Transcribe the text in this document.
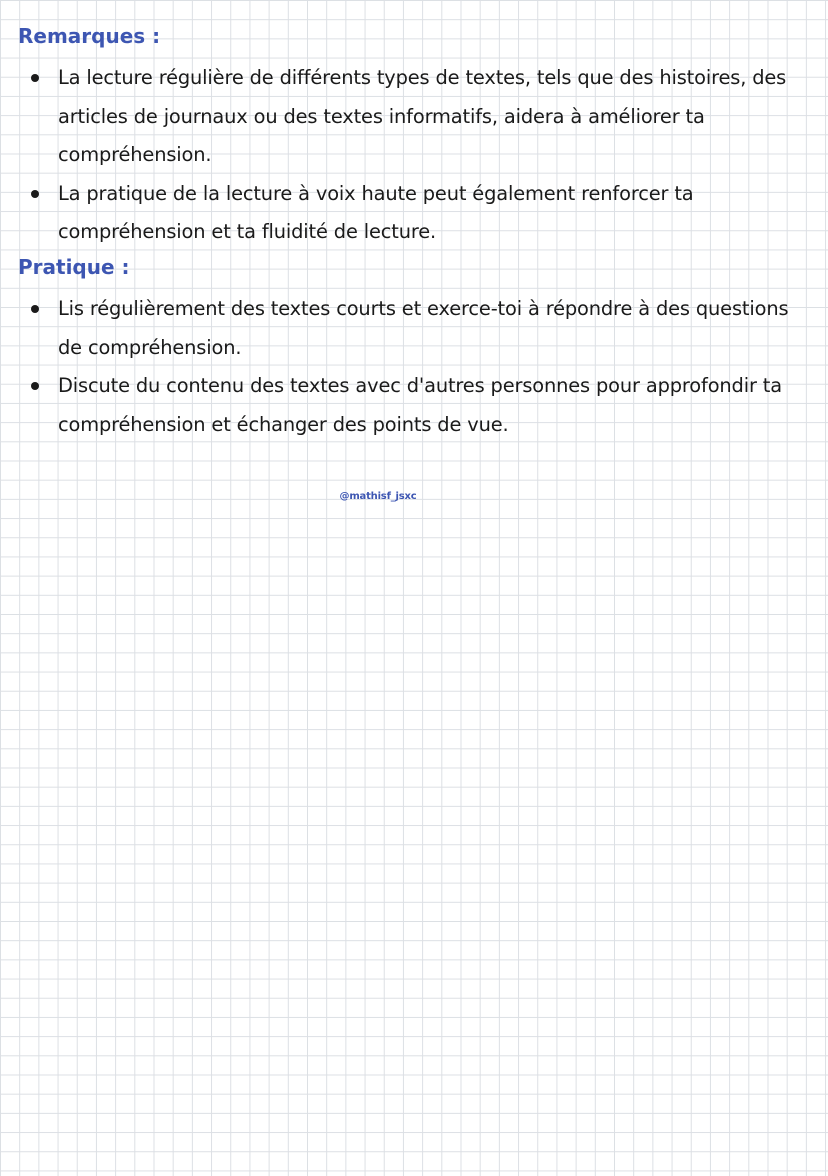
Remarques :
La lecture régulière de différents types de textes, tels que des histoires, des articles de journaux ou des textes informatifs, aidera à améliorer ta compréhension.
La pratique de la lecture à voix haute peut également renforcer ta compréhension et ta fluidité de lecture.
Pratique :
Lis régulièrement des textes courts et exerce-toi à répondre à des questions de compréhension.
Discute du contenu des textes avec d'autres personnes pour approfondir ta compréhension et échanger des points de vue.
@mathisf_jsxc
